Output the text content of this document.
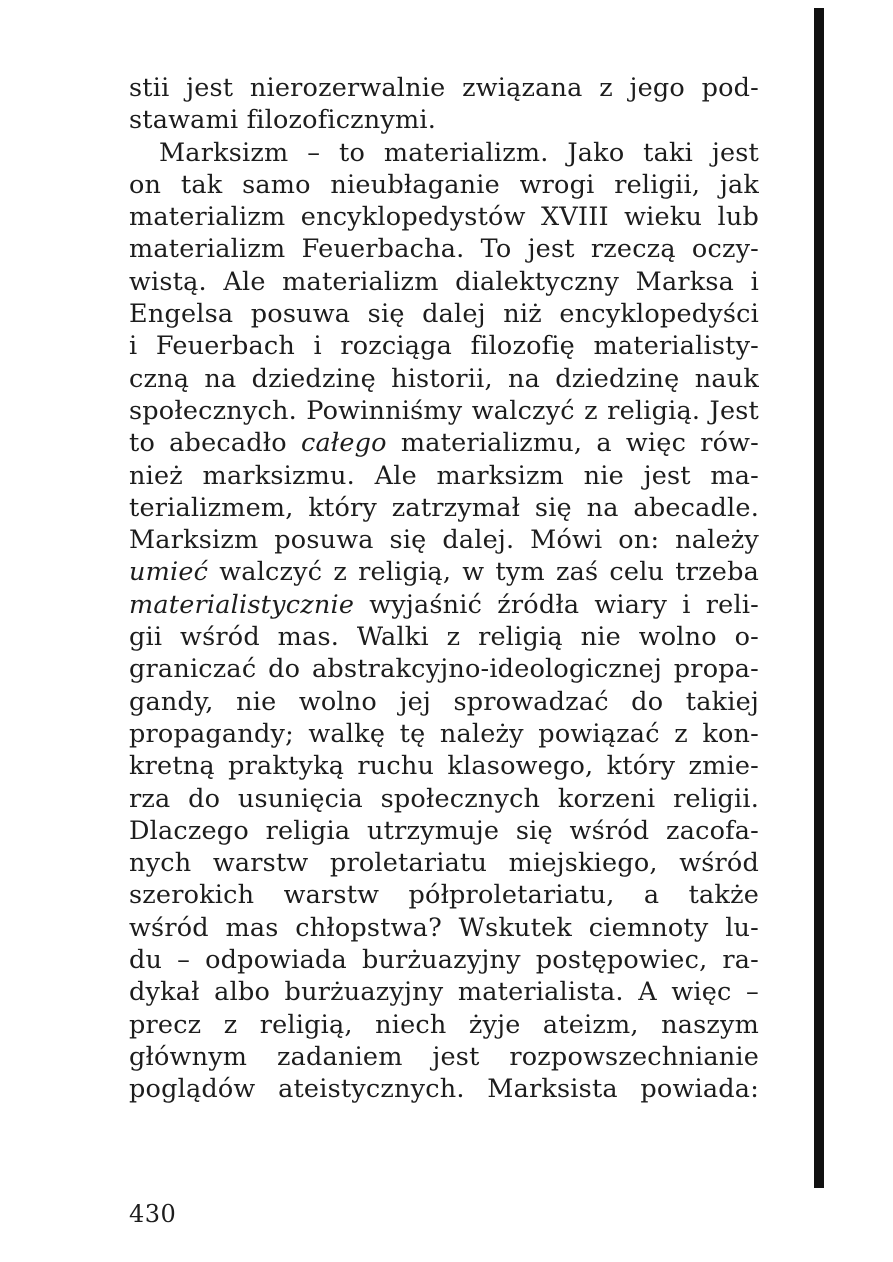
stii jest nierozerwalnie związana z jego pod-
stawami filozoficznymi.
Marksizm – to materializm. Jako taki jest
on tak samo nieubłaganie wrogi religii, jak
materializm encyklopedystów XVIII wieku lub
materializm Feuerbacha. To jest rzeczą oczy-
wistą. Ale materializm dialektyczny Marksa i
Engelsa posuwa się dalej niż encyklopedyści
i Feuerbach i rozciąga filozofię materialisty-
czną na dziedzinę historii, na dziedzinę nauk
społecznych. Powinniśmy walczyć z religią. Jest
to abecadło całego materializmu, a więc rów-
nież marksizmu. Ale marksizm nie jest ma-
terializmem, który zatrzymał się na abecadle.
Marksizm posuwa się dalej. Mówi on: należy
umieć walczyć z religią, w tym zaś celu trzeba
materialistycznie wyjaśnić źródła wiary i reli-
gii wśród mas. Walki z religią nie wolno o-
graniczać do abstrakcyjno-ideologicznej propa-
gandy, nie wolno jej sprowadzać do takiej
propagandy; walkę tę należy powiązać z kon-
kretną praktyką ruchu klasowego, który zmie-
rza do usunięcia społecznych korzeni religii.
Dlaczego religia utrzymuje się wśród zacofa-
nych warstw proletariatu miejskiego, wśród
szerokich warstw półproletariatu, a także
wśród mas chłopstwa? Wskutek ciemnoty lu-
du – odpowiada burżuazyjny postępowiec, ra-
dykał albo burżuazyjny materialista. A więc –
precz z religią, niech żyje ateizm, naszym
głównym zadaniem jest rozpowszechnianie
poglądów ateistycznych. Marksista powiada:
430
